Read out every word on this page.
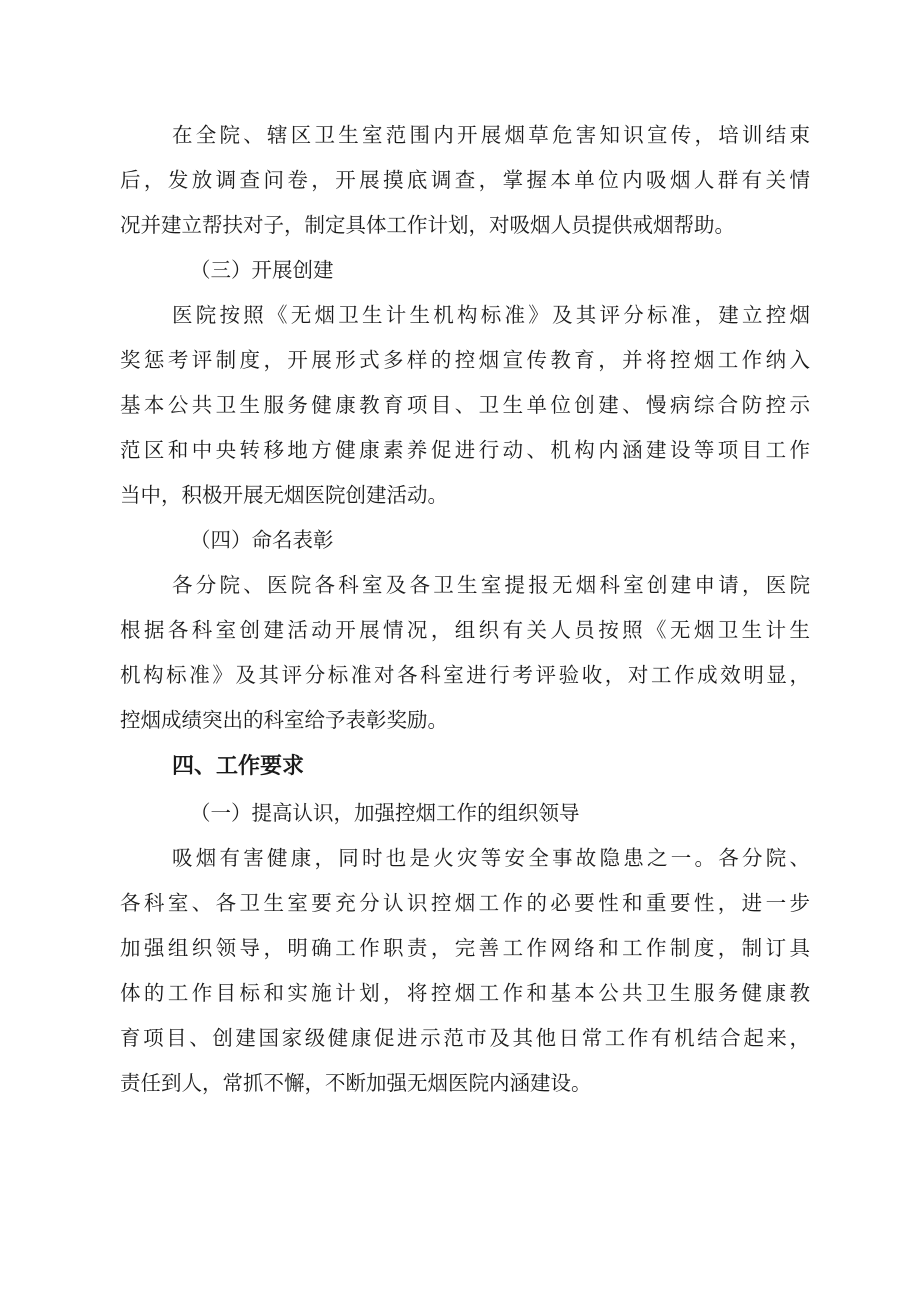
在全院、辖区卫生室范围内开展烟草危害知识宣传，培训结束
后，发放调查问卷，开展摸底调查，掌握本单位内吸烟人群有关情
况并建立帮扶对子，制定具体工作计划，对吸烟人员提供戒烟帮助。

（三）开展创建

医院按照《无烟卫生计生机构标准》及其评分标准，建立控烟
奖惩考评制度，开展形式多样的控烟宣传教育，并将控烟工作纳入
基本公共卫生服务健康教育项目、卫生单位创建、慢病综合防控示
范区和中央转移地方健康素养促进行动、机构内涵建设等项目工作
当中，积极开展无烟医院创建活动。

（四）命名表彰

各分院、医院各科室及各卫生室提报无烟科室创建申请，医院
根据各科室创建活动开展情况，组织有关人员按照《无烟卫生计生
机构标准》及其评分标准对各科室进行考评验收，对工作成效明显，
控烟成绩突出的科室给予表彰奖励。
四、工作要求

（一）提高认识，加强控烟工作的组织领导

吸烟有害健康，同时也是火灾等安全事故隐患之一。各分院、
各科室、各卫生室要充分认识控烟工作的必要性和重要性，进一步
加强组织领导，明确工作职责，完善工作网络和工作制度，制订具
体的工作目标和实施计划，将控烟工作和基本公共卫生服务健康教
育项目、创建国家级健康促进示范市及其他日常工作有机结合起来，
责任到人，常抓不懈，不断加强无烟医院内涵建设。
